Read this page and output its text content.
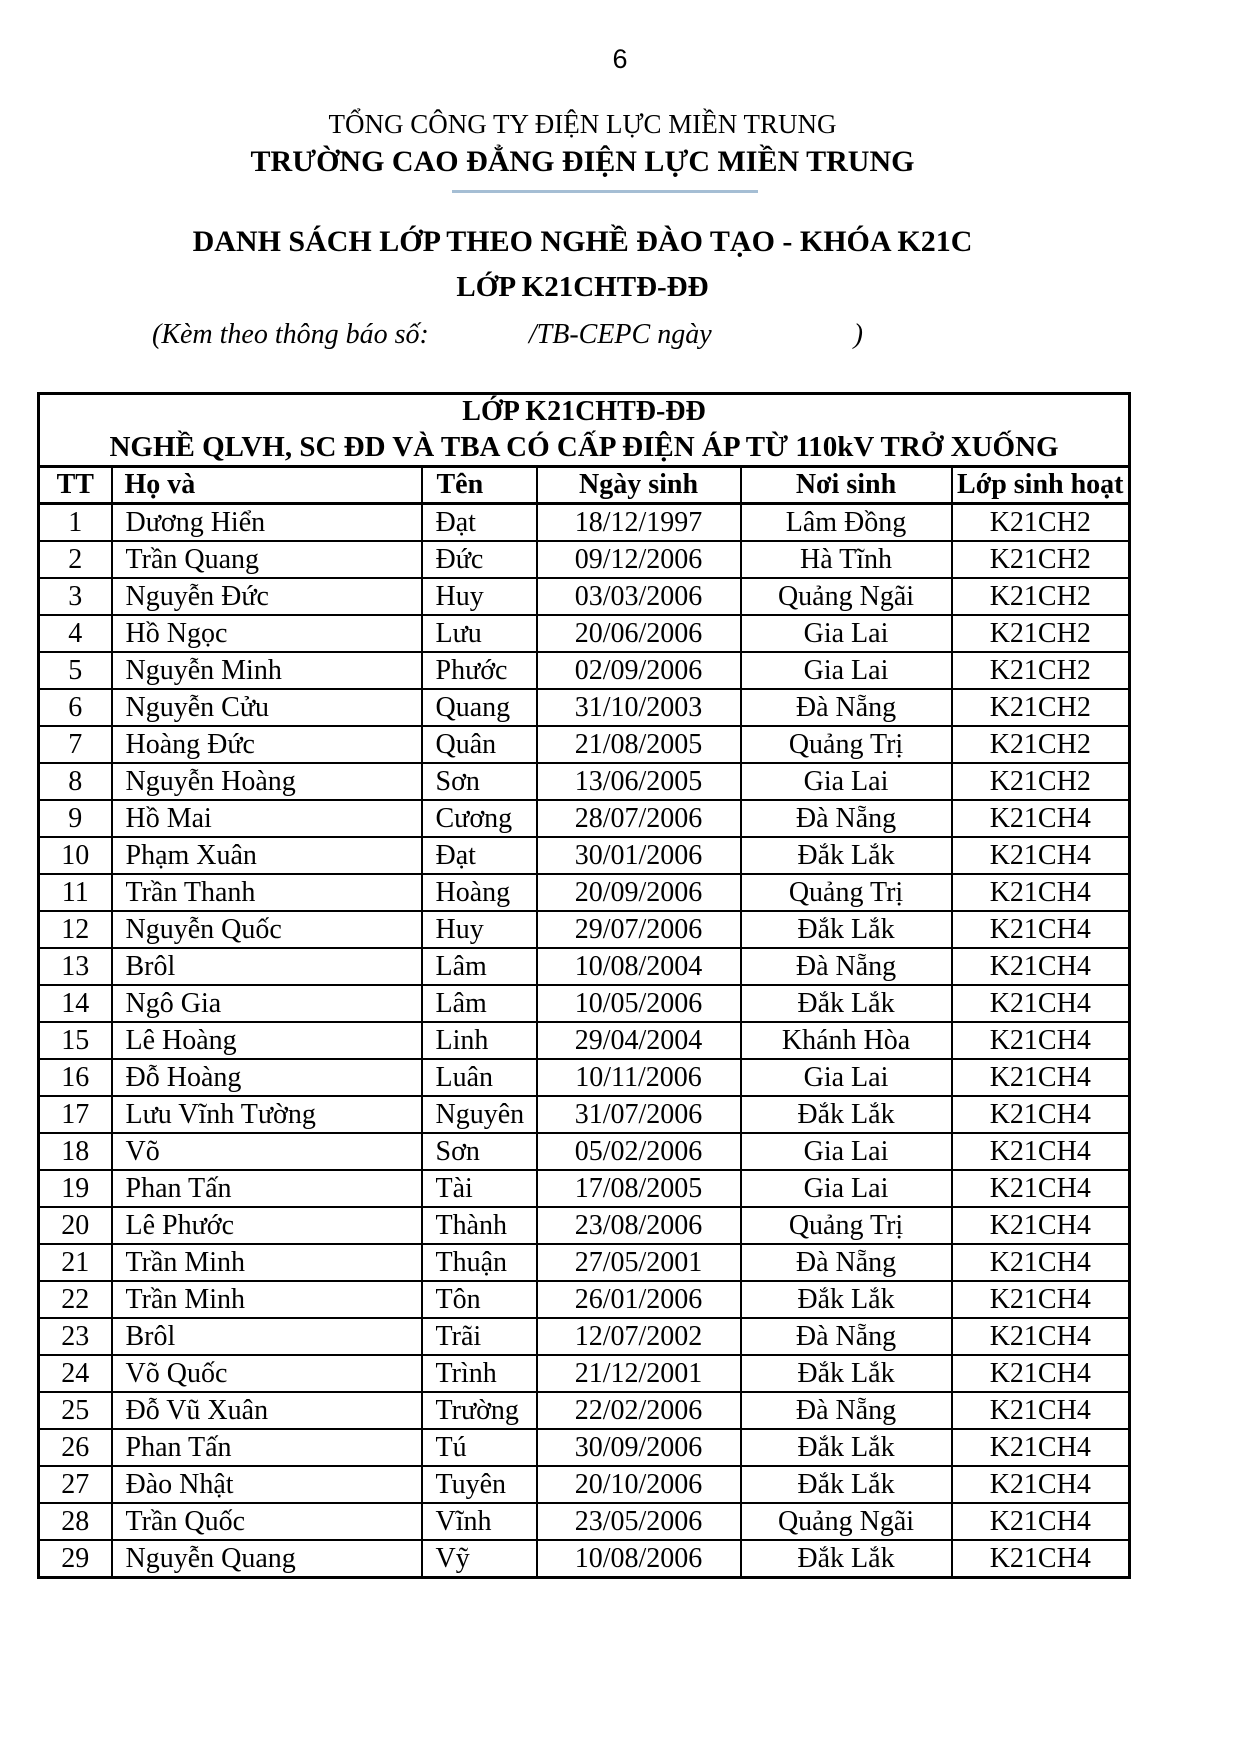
6
TỔNG CÔNG TY ĐIỆN LỰC MIỀN TRUNG
TRƯỜNG CAO ĐẲNG ĐIỆN LỰC MIỀN TRUNG
DANH SÁCH LỚP THEO NGHỀ ĐÀO TẠO - KHÓA K21C
LỚP K21CHTĐ-ĐĐ
(Kèm theo thông báo số:	/TB-CEPC ngày	)
LỚP K21CHTĐ-ĐĐ
NGHỀ QLVH, SC ĐD VÀ TBA CÓ CẤP ĐIỆN ÁP TỪ 110kV TRỞ XUỐNG					

TT	Họ và	Tên	Ngày sinh	Nơi sinh	Lớp sinh hoạt
1	Dương Hiển	Đạt	18/12/1997	Lâm Đồng	K21CH2
2	Trần Quang	Đức	09/12/2006	Hà Tĩnh	K21CH2
3	Nguyễn Đức	Huy	03/03/2006	Quảng Ngãi	K21CH2
4	Hồ Ngọc	Lưu	20/06/2006	Gia Lai	K21CH2
5	Nguyễn Minh	Phước	02/09/2006	Gia Lai	K21CH2
6	Nguyễn Cửu	Quang	31/10/2003	Đà Nẵng	K21CH2
7	Hoàng Đức	Quân	21/08/2005	Quảng Trị	K21CH2
8	Nguyễn Hoàng	Sơn	13/06/2005	Gia Lai	K21CH2
9	Hồ Mai	Cương	28/07/2006	Đà Nẵng	K21CH4
10	Phạm Xuân	Đạt	30/01/2006	Đắk Lắk	K21CH4
11	Trần Thanh	Hoàng	20/09/2006	Quảng Trị	K21CH4
12	Nguyễn Quốc	Huy	29/07/2006	Đắk Lắk	K21CH4
13	Brôl	Lâm	10/08/2004	Đà Nẵng	K21CH4
14	Ngô Gia	Lâm	10/05/2006	Đắk Lắk	K21CH4
15	Lê Hoàng	Linh	29/04/2004	Khánh Hòa	K21CH4
16	Đỗ Hoàng	Luân	10/11/2006	Gia Lai	K21CH4
17	Lưu Vĩnh Tường	Nguyên	31/07/2006	Đắk Lắk	K21CH4
18	Võ	Sơn	05/02/2006	Gia Lai	K21CH4
19	Phan Tấn	Tài	17/08/2005	Gia Lai	K21CH4
20	Lê Phước	Thành	23/08/2006	Quảng Trị	K21CH4
21	Trần Minh	Thuận	27/05/2001	Đà Nẵng	K21CH4
22	Trần Minh	Tôn	26/01/2006	Đắk Lắk	K21CH4
23	Brôl	Trãi	12/07/2002	Đà Nẵng	K21CH4
24	Võ Quốc	Trình	21/12/2001	Đắk Lắk	K21CH4
25	Đỗ Vũ Xuân	Trường	22/02/2006	Đà Nẵng	K21CH4
26	Phan Tấn	Tú	30/09/2006	Đắk Lắk	K21CH4
27	Đào Nhật	Tuyên	20/10/2006	Đắk Lắk	K21CH4
28	Trần Quốc	Vĩnh	23/05/2006	Quảng Ngãi	K21CH4
29	Nguyễn Quang	Vỹ	10/08/2006	Đắk Lắk	K21CH4
